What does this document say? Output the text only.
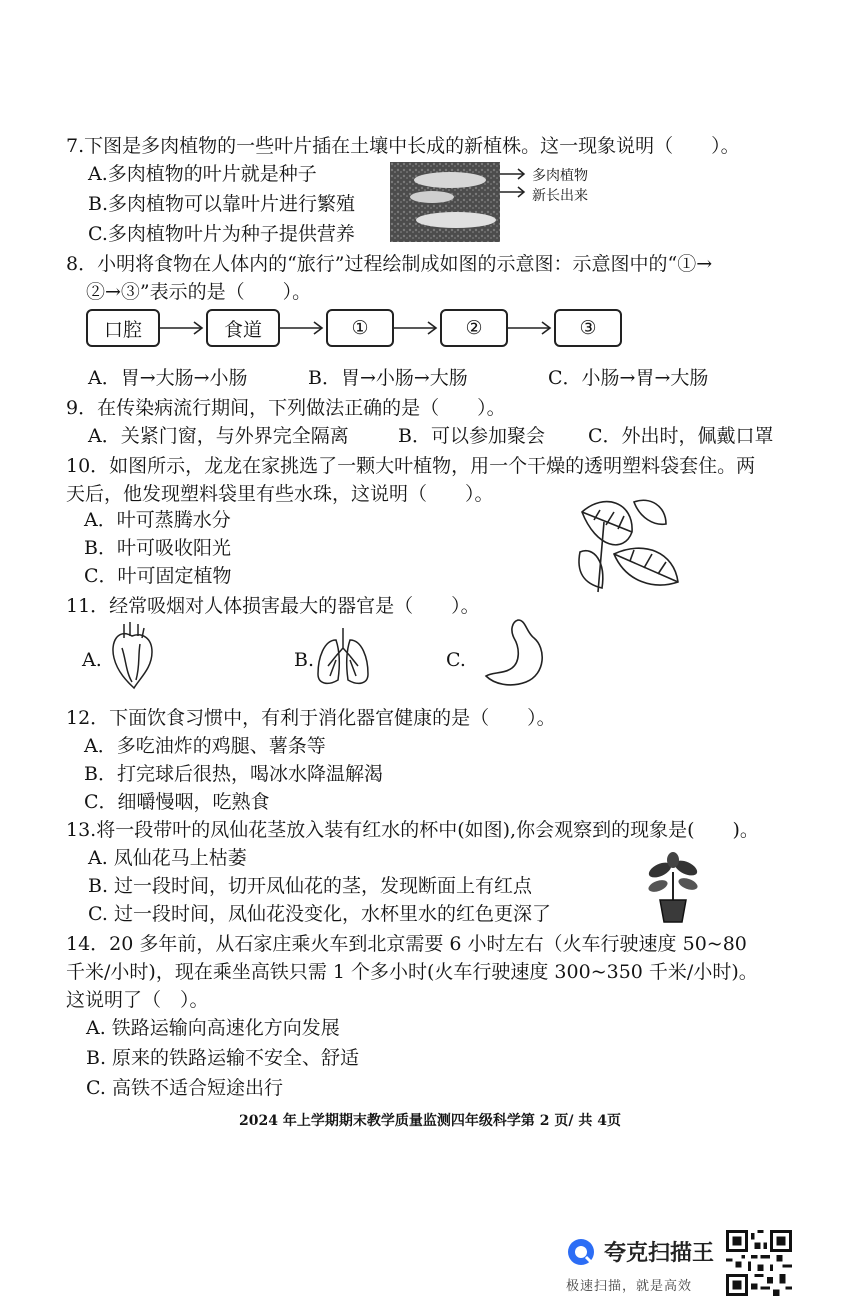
7.下图是多肉植物的一些叶片插在土壤中长成的新植株。这一现象说明（　　）。
A.多肉植物的叶片就是种子
B.多肉植物可以靠叶片进行繁殖
C.多肉植物叶片为种子提供营养
多肉植物
新长出来
8．小明将食物在人体内的“旅行”过程绘制成如图的示意图：示意图中的“①→
②→③”表示的是（　　）。
口腔	食道	①	②	③
A．胃→大肠→小肠	B．胃→小肠→大肠	C．小肠→胃→大肠
9．在传染病流行期间，下列做法正确的是（　　）。
A．关紧门窗，与外界完全隔离	B．可以参加聚会 C．外出时，佩戴口罩
10．如图所示，龙龙在家挑选了一颗大叶植物，用一个干燥的透明塑料袋套住。两
天后，他发现塑料袋里有些水珠，这说明（　　）。
A．叶可蒸腾水分
B．叶可吸收阳光
C．叶可固定植物
11．经常吸烟对人体损害最大的器官是（　　）。
A.	B.	C.
12．下面饮食习惯中，有利于消化器官健康的是（　　）。
A．多吃油炸的鸡腿、薯条等
B．打完球后很热，喝冰水降温解渴
C．细嚼慢咽，吃熟食
13.将一段带叶的凤仙花茎放入装有红水的杯中(如图),你会观察到的现象是(　　)。
A. 凤仙花马上枯萎
B. 过一段时间，切开凤仙花的茎，发现断面上有红点
C. 过一段时间，凤仙花没变化，水杯里水的红色更深了
14．20 多年前，从石家庄乘火车到北京需要 6 小时左右（火车行驶速度 50~80
千米/小时)，现在乘坐高铁只需 1 个多小时(火车行驶速度 300~350 千米/小时)。
这说明了（　）。
A. 铁路运输向高速化方向发展
B. 原来的铁路运输不安全、舒适
C. 高铁不适合短途出行
2024 年上学期期末教学质量监测四年级科学第 2 页/ 共 4页
夸克扫描王
极速扫描，就是高效
